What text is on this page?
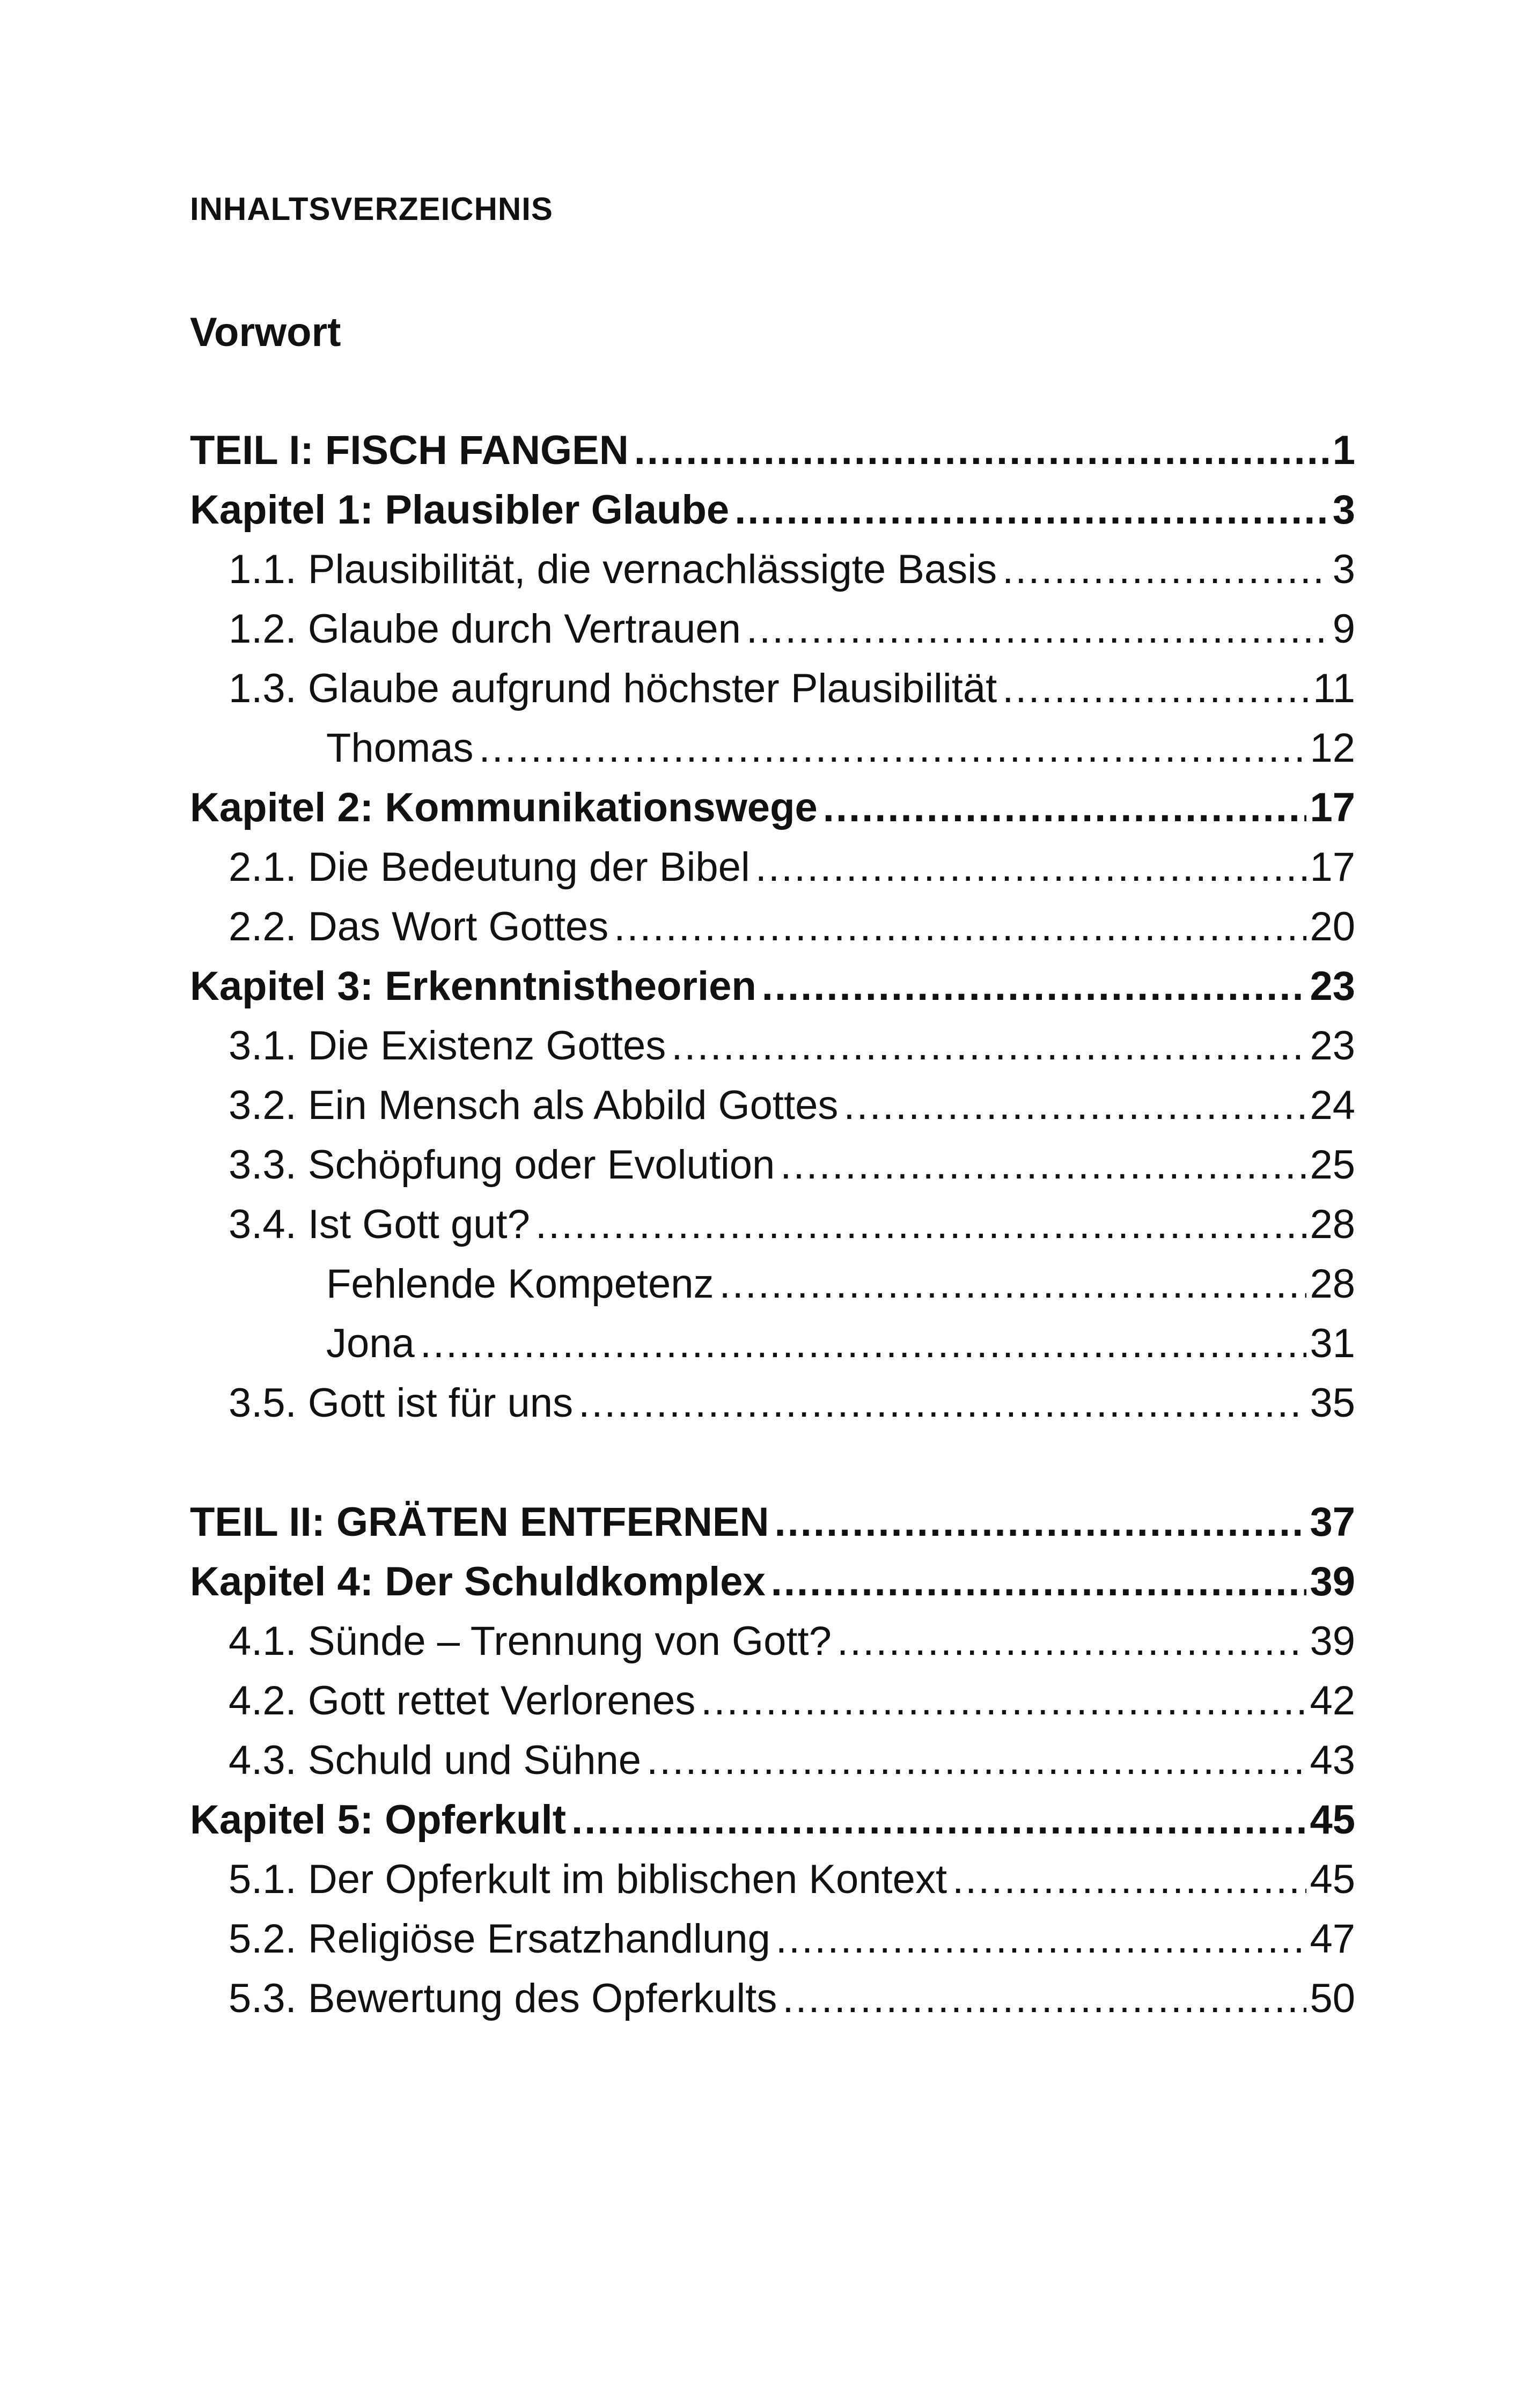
INHALTSVERZEICHNIS
Vorwort
TEIL I: FISCH FANGEN .....	1
Kapitel 1: Plausibler Glaube .....	3
1.1. Plausibilität, die vernachlässigte Basis .....	3
1.2. Glaube durch Vertrauen .....	9
1.3. Glaube aufgrund höchster Plausibilität .....	11
Thomas .....	12
Kapitel 2: Kommunikationswege .....	17
2.1. Die Bedeutung der Bibel .....	17
2.2. Das Wort Gottes .....	20
Kapitel 3: Erkenntnistheorien .....	23
3.1. Die Existenz Gottes .....	23
3.2. Ein Mensch als Abbild Gottes .....	24
3.3. Schöpfung oder Evolution .....	25
3.4. Ist Gott gut? .....	28
Fehlende Kompetenz .....	28
Jona .....	31
3.5. Gott ist für uns .....	35
TEIL II: GRÄTEN ENTFERNEN .....	37
Kapitel 4: Der Schuldkomplex .....	39
4.1. Sünde – Trennung von Gott? .....	39
4.2. Gott rettet Verlorenes .....	42
4.3. Schuld und Sühne .....	43
Kapitel 5: Opferkult .....	45
5.1. Der Opferkult im biblischen Kontext .....	45
5.2. Religiöse Ersatzhandlung .....	47
5.3. Bewertung des Opferkults .....	50
